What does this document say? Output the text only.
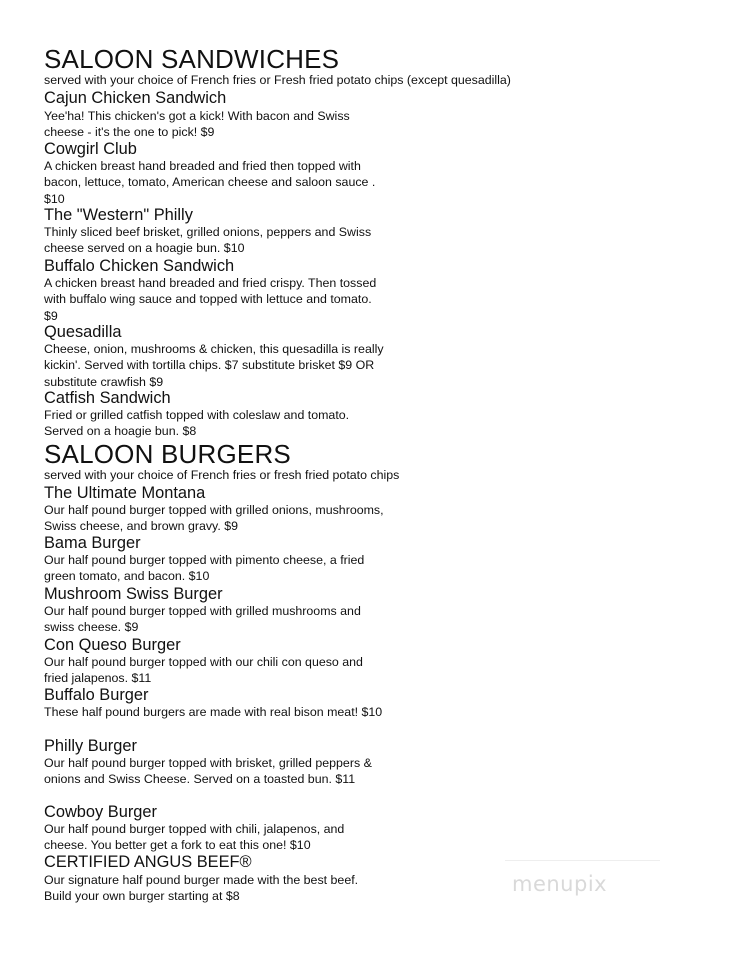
SALOON SANDWICHES
served with your choice of French fries or Fresh fried potato chips (except quesadilla)
Cajun Chicken Sandwich
Yee'ha! This chicken's got a kick! With bacon and Swiss cheese - it's the one to pick! $9
Cowgirl Club
A chicken breast hand breaded and fried then topped with bacon, lettuce, tomato, American cheese and saloon sauce . $10
The "Western" Philly
Thinly sliced beef brisket, grilled onions, peppers and Swiss cheese served on a hoagie bun. $10
Buffalo Chicken Sandwich
A chicken breast hand breaded and fried crispy. Then tossed with buffalo wing sauce and topped with lettuce and tomato. $9
Quesadilla
Cheese, onion, mushrooms & chicken, this quesadilla is really kickin'. Served with tortilla chips. $7 substitute brisket $9 OR substitute crawfish $9
Catfish Sandwich
Fried or grilled catfish topped with coleslaw and tomato. Served on a hoagie bun. $8
SALOON BURGERS
served with your choice of French fries or fresh fried potato chips
The Ultimate Montana
Our half pound burger topped with grilled onions, mushrooms, Swiss cheese, and brown gravy. $9
Bama Burger
Our half pound burger topped with pimento cheese, a fried green tomato, and bacon. $10
Mushroom Swiss Burger
Our half pound burger topped with grilled mushrooms and swiss cheese. $9
Con Queso Burger
Our half pound burger topped with our chili con queso and fried jalapenos. $11
Buffalo Burger
These half pound burgers are made with real bison meat! $10
Philly Burger
Our half pound burger topped with brisket, grilled peppers & onions and Swiss Cheese. Served on a toasted bun. $11
Cowboy Burger
Our half pound burger topped with chili, jalapenos, and cheese. You better get a fork to eat this one! $10
CERTIFIED ANGUS BEEF®
Our signature half pound burger made with the best beef. Build your own burger starting at $8
menupix
